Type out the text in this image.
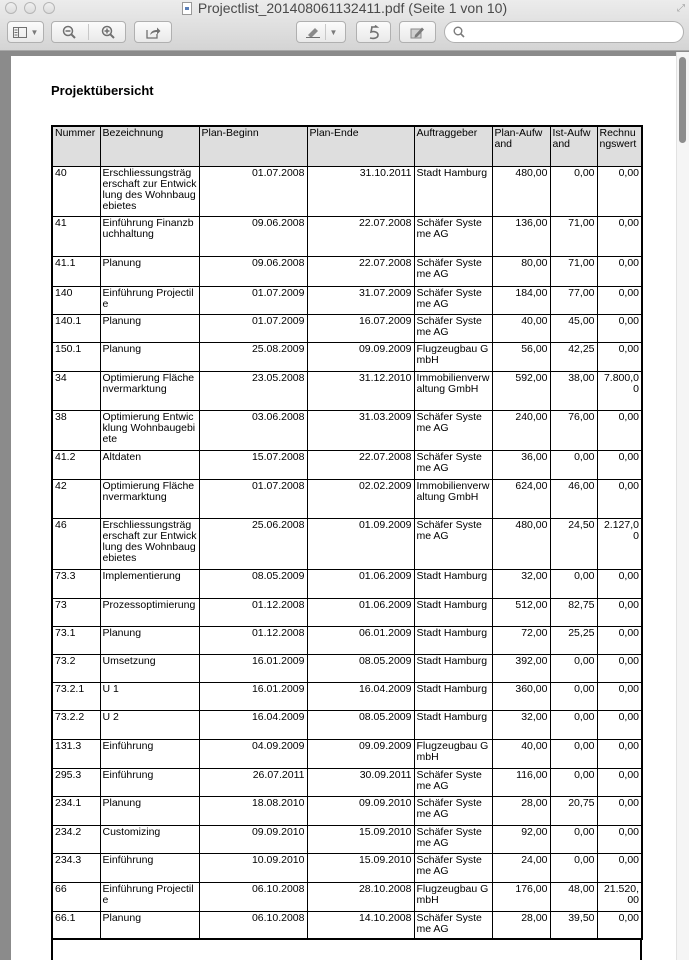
Projectlist_201408061132411.pdf (Seite 1 von 10)	⤢
▼	▼
Projektübersicht
Nummer	Bezeichnung	Plan-Beginn	Plan-Ende	Auftraggeber	Plan-Aufwand	Ist-Aufwand	Rechnungswert
40	Erschliessungsträgerschaft zur Entwicklung des Wohnbaugebietes	01.07.2008	31.10.2011	Stadt Hamburg	480,00	0,00	0,00
41	Einführung Finanzbuchhaltung	09.06.2008	22.07.2008	Schäfer Systeme AG	136,00	71,00	0,00
41.1	Planung	09.06.2008	22.07.2008	Schäfer Systeme AG	80,00	71,00	0,00
140	Einführung Projectile	01.07.2009	31.07.2009	Schäfer Systeme AG	184,00	77,00	0,00
140.1	Planung	01.07.2009	16.07.2009	Schäfer Systeme AG	40,00	45,00	0,00
150.1	Planung	25.08.2009	09.09.2009	Flugzeugbau GmbH	56,00	42,25	0,00
34	Optimierung Flächenvermarktung	23.05.2008	31.12.2010	Immobilienverwaltung GmbH	592,00	38,00	7.800,00
38	Optimierung Entwicklung Wohnbaugebiete	03.06.2008	31.03.2009	Schäfer Systeme AG	240,00	76,00	0,00
41.2	Altdaten	15.07.2008	22.07.2008	Schäfer Systeme AG	36,00	0,00	0,00
42	Optimierung Flächenvermarktung	01.07.2008	02.02.2009	Immobilienverwaltung GmbH	624,00	46,00	0,00
46	Erschliessungsträgerschaft zur Entwicklung des Wohnbaugebietes	25.06.2008	01.09.2009	Schäfer Systeme AG	480,00	24,50	2.127,00
73.3	Implementierung	08.05.2009	01.06.2009	Stadt Hamburg	32,00	0,00	0,00
73	Prozessoptimierung	01.12.2008	01.06.2009	Stadt Hamburg	512,00	82,75	0,00
73.1	Planung	01.12.2008	06.01.2009	Stadt Hamburg	72,00	25,25	0,00
73.2	Umsetzung	16.01.2009	08.05.2009	Stadt Hamburg	392,00	0,00	0,00
73.2.1	U 1	16.01.2009	16.04.2009	Stadt Hamburg	360,00	0,00	0,00
73.2.2	U 2	16.04.2009	08.05.2009	Stadt Hamburg	32,00	0,00	0,00
131.3	Einführung	04.09.2009	09.09.2009	Flugzeugbau GmbH	40,00	0,00	0,00
295.3	Einführung	26.07.2011	30.09.2011	Schäfer Systeme AG	116,00	0,00	0,00
234.1	Planung	18.08.2010	09.09.2010	Schäfer Systeme AG	28,00	20,75	0,00
234.2	Customizing	09.09.2010	15.09.2010	Schäfer Systeme AG	92,00	0,00	0,00
234.3	Einführung	10.09.2010	15.09.2010	Schäfer Systeme AG	24,00	0,00	0,00
66	Einführung Projectile	06.10.2008	28.10.2008	Flugzeugbau GmbH	176,00	48,00	21.520,00
66.1	Planung	06.10.2008	14.10.2008	Schäfer Systeme AG	28,00	39,50	0,00
